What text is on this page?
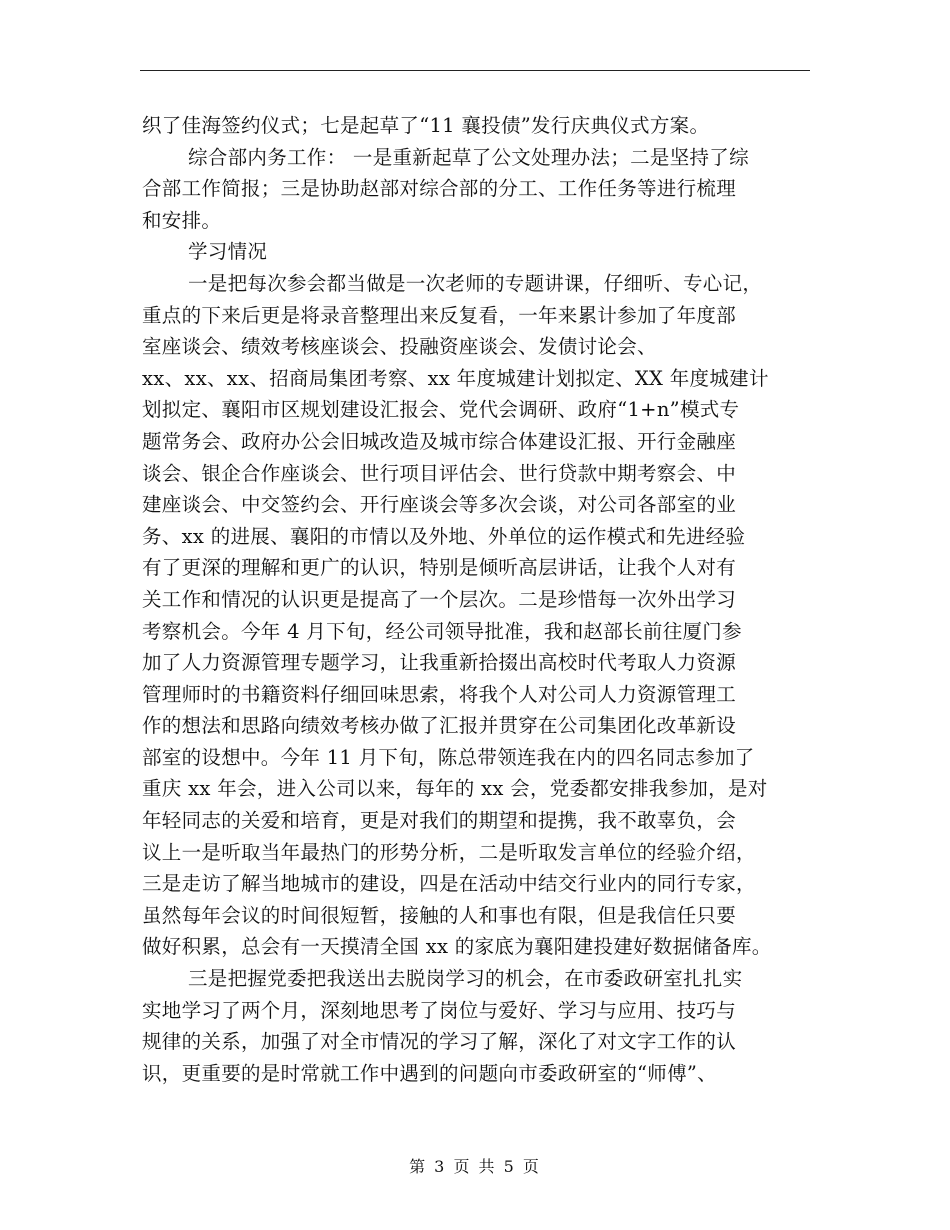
织了佳海签约仪式；七是起草了“11 襄投债”发行庆典仪式方案。
综合部内务工作： 一是重新起草了公文处理办法；二是坚持了综
合部工作简报；三是协助赵部对综合部的分工、工作任务等进行梳理
和安排。
学习情况
一是把每次参会都当做是一次老师的专题讲课，仔细听、专心记，
重点的下来后更是将录音整理出来反复看，一年来累计参加了年度部
室座谈会、绩效考核座谈会、投融资座谈会、发债讨论会、
xx、xx、xx、招商局集团考察、xx 年度城建计划拟定、XX 年度城建计
划拟定、襄阳市区规划建设汇报会、党代会调研、政府“1+n”模式专
题常务会、政府办公会旧城改造及城市综合体建设汇报、开行金融座
谈会、银企合作座谈会、世行项目评估会、世行贷款中期考察会、中
建座谈会、中交签约会、开行座谈会等多次会谈，对公司各部室的业
务、xx 的进展、襄阳的市情以及外地、外单位的运作模式和先进经验
有了更深的理解和更广的认识，特别是倾听高层讲话，让我个人对有
关工作和情况的认识更是提高了一个层次。二是珍惜每一次外出学习
考察机会。今年 4 月下旬，经公司领导批准，我和赵部长前往厦门参
加了人力资源管理专题学习，让我重新拾掇出高校时代考取人力资源
管理师时的书籍资料仔细回味思索，将我个人对公司人力资源管理工
作的想法和思路向绩效考核办做了汇报并贯穿在公司集团化改革新设
部室的设想中。今年 11 月下旬，陈总带领连我在内的四名同志参加了
重庆 xx 年会，进入公司以来，每年的 xx 会，党委都安排我参加，是对
年轻同志的关爱和培育，更是对我们的期望和提携，我不敢辜负，会
议上一是听取当年最热门的形势分析，二是听取发言单位的经验介绍，
三是走访了解当地城市的建设，四是在活动中结交行业内的同行专家，
虽然每年会议的时间很短暂，接触的人和事也有限，但是我信任只要
做好积累，总会有一天摸清全国 xx 的家底为襄阳建投建好数据储备库。
三是把握党委把我送出去脱岗学习的机会，在市委政研室扎扎实
实地学习了两个月，深刻地思考了岗位与爱好、学习与应用、技巧与
规律的关系，加强了对全市情况的学习了解，深化了对文字工作的认
识，更重要的是时常就工作中遇到的问题向市委政研室的“师傅”、
第 3 页 共 5 页
